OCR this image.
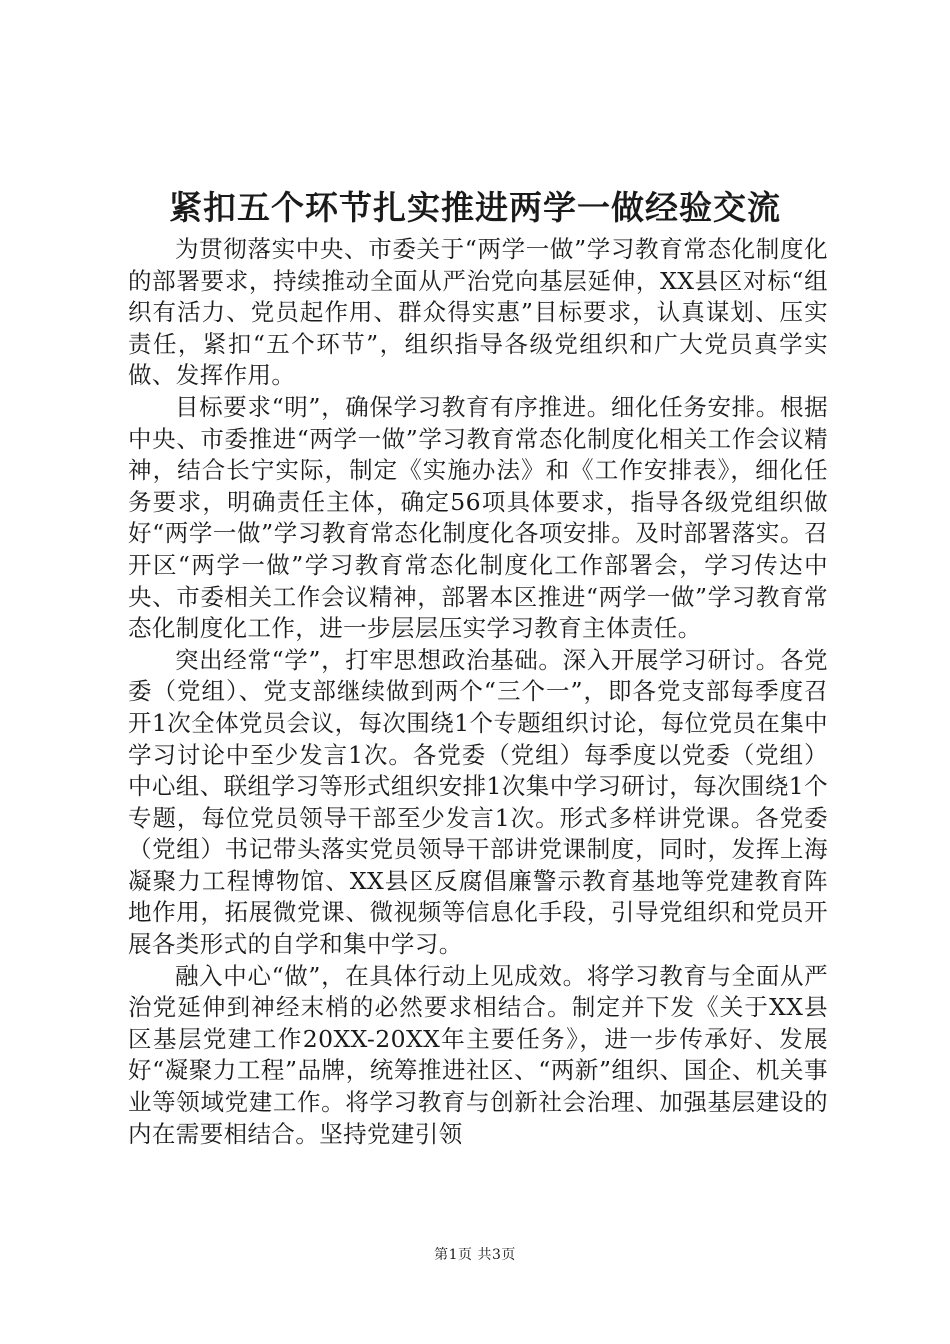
紧扣五个环节扎实推进两学一做经验交流

为贯彻落实中央、市委关于“两学一做”学习教育常态化制度化的部署要求，持续推动全面从严治党向基层延伸，XX县区对标“组织有活力、党员起作用、群众得实惠”目标要求，认真谋划、压实责任，紧扣“五个环节”，组织指导各级党组织和广大党员真学实做、发挥作用。

目标要求“明”，确保学习教育有序推进。细化任务安排。根据中央、市委推进“两学一做”学习教育常态化制度化相关工作会议精神，结合长宁实际，制定《实施办法》和《工作安排表》，细化任务要求，明确责任主体，确定56项具体要求，指导各级党组织做好“两学一做”学习教育常态化制度化各项安排。及时部署落实。召开区“两学一做”学习教育常态化制度化工作部署会，学习传达中央、市委相关工作会议精神，部署本区推进“两学一做”学习教育常态化制度化工作，进一步层层压实学习教育主体责任。

突出经常“学”，打牢思想政治基础。深入开展学习研讨。各党委（党组）、党支部继续做到两个“三个一”，即各党支部每季度召开1次全体党员会议，每次围绕1个专题组织讨论，每位党员在集中学习讨论中至少发言1次。各党委（党组）每季度以党委（党组）中心组、联组学习等形式组织安排1次集中学习研讨，每次围绕1个专题，每位党员领导干部至少发言1次。形式多样讲党课。各党委（党组）书记带头落实党员领导干部讲党课制度，同时，发挥上海凝聚力工程博物馆、XX县区反腐倡廉警示教育基地等党建教育阵地作用，拓展微党课、微视频等信息化手段，引导党组织和党员开展各类形式的自学和集中学习。

融入中心“做”，在具体行动上见成效。将学习教育与全面从严治党延伸到神经末梢的必然要求相结合。制定并下发《关于XX县区基层党建工作20XX-20XX年主要任务》，进一步传承好、发展好“凝聚力工程”品牌，统筹推进社区、“两新”组织、国企、机关事业等领域党建工作。将学习教育与创新社会治理、加强基层建设的内在需要相结合。坚持党建引领

第1页 共3页
